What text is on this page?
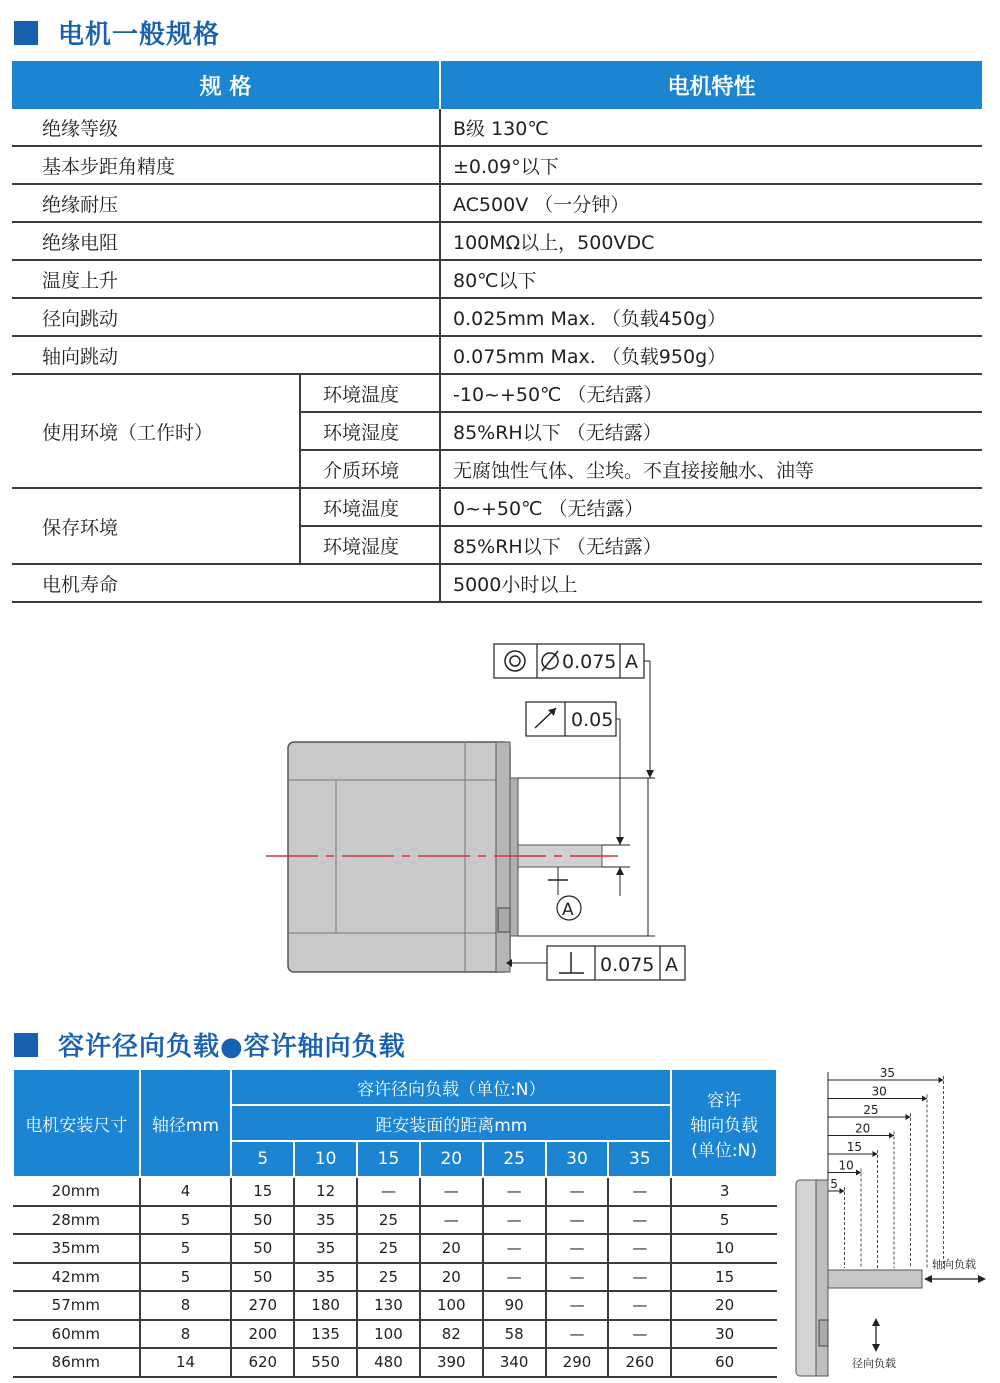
电机一般规格
规 格		电机特性
绝缘等级		B级 130℃
基本步距角精度		±0.09°以下
绝缘耐压		AC500V （一分钟）
绝缘电阻		100MΩ以上，500VDC
温度上升		80℃以下
径向跳动		0.025mm Max. （负载450g）
轴向跳动		0.075mm Max. （负载950g）
使用环境（工作时）	环境温度	-10~+50℃ （无结露）
	环境湿度	85%RH以下 （无结露）
	介质环境	无腐蚀性气体、尘埃。不直接接触水、油等
保存环境	环境温度	0~+50℃ （无结露）
	环境湿度	85%RH以下 （无结露）
电机寿命		5000小时以上
0.075 A
0.05
A
0.075 A
容许径向负载●容许轴向负载
电机安装尺寸	轴径mm	容许径向负载（单位:N）							容许
轴向负载
(单位:N)

		距安装面的距离mm							
		5	10	15	20	25	30	35	
20mm	4	15	12	—	—	—	—	—	3
28mm	5	50	35	25	—	—	—	—	5
35mm	5	50	35	25	20	—	—	—	10
42mm	5	50	35	25	20	—	—	—	15
57mm	8	270	180	130	100	90	—	—	20
60mm	8	200	135	100	82	58	—	—	30
86mm	14	620	550	480	390	340	290	260	60
35
30
25
20
15
10
5
轴向负载
径向负载
